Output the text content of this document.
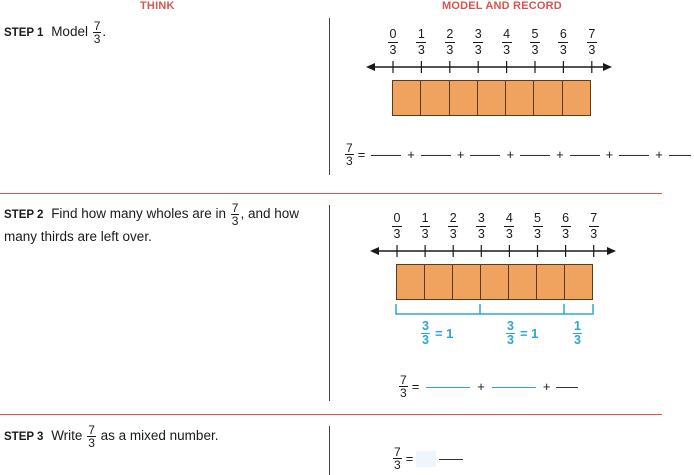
THINK	MODEL AND RECORD
STEP 1 Model $\frac{7}{3}$ .
STEP 2 Find how many wholes are in $\frac{7}{3}$ , and how many thirds are left over.
STEP 3 Write $\frac{7}{3}$ as a mixed number.
0
3
1
3
2
3
3
3
4
3
5
3
6
3
7
3
$\frac{7}{3}$ =	+	+	+	+	+	+
0
3
1
3
2
3
3
3
4
3
5
3
6
3
7
3
$\frac{3}{3} = 1$	$\frac{3}{3} = 1$	$\frac{1}{3}$
$\frac{7}{3}$ =	+	+
$\frac{7}{3}$ =
